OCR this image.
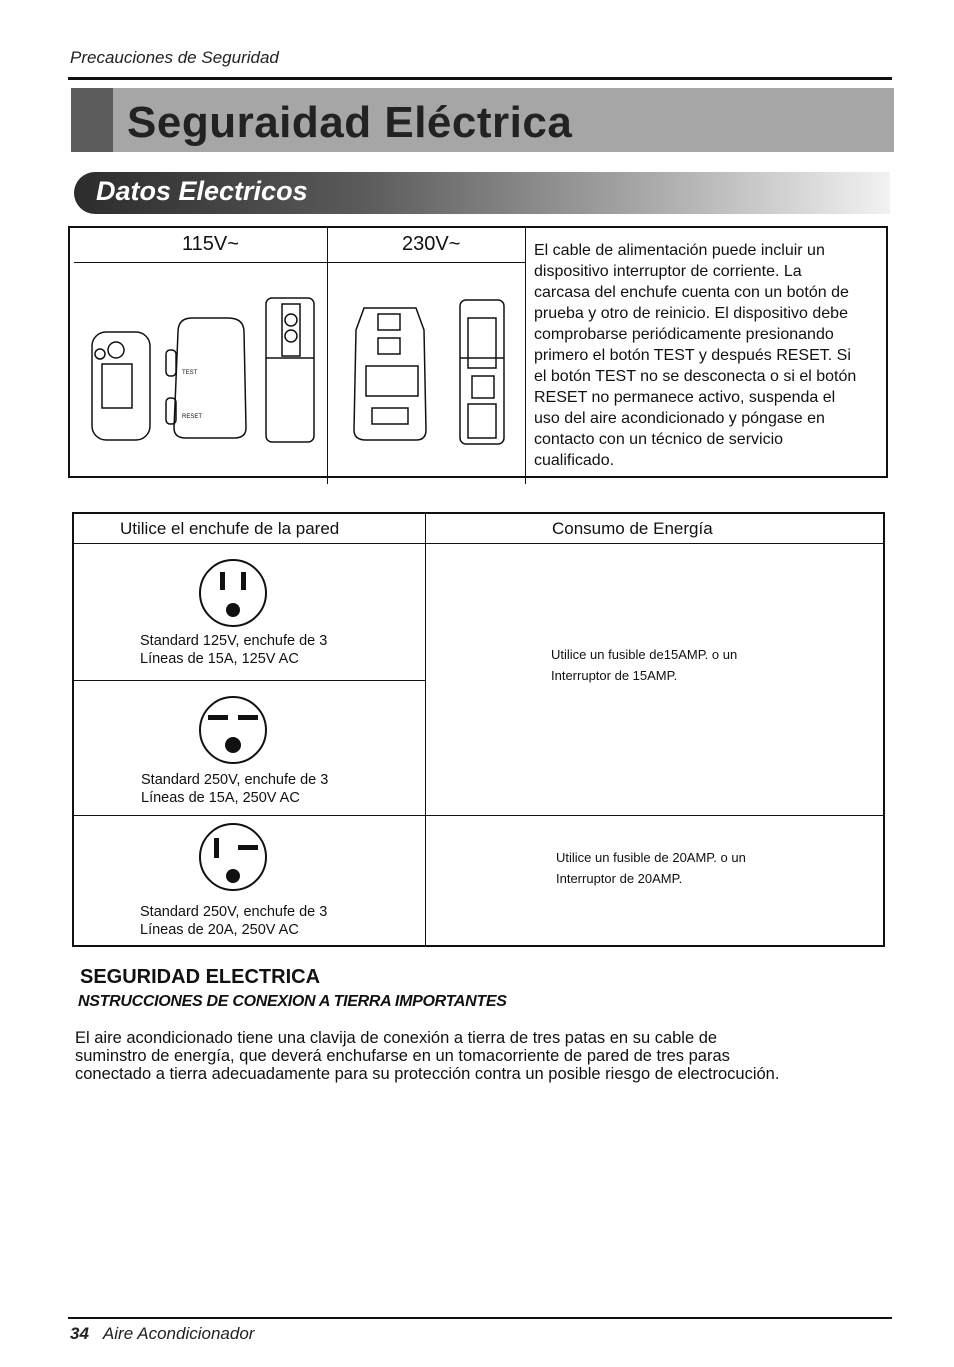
Precauciones de Seguridad
Seguraidad Eléctrica
Datos Electricos
115V~	230V~
TEST
RESET
El cable de alimentación puede incluir un
dispositivo interruptor de corriente. La
carcasa del enchufe cuenta con un botón de
prueba y otro de reinicio. El dispositivo debe
comprobarse periódicamente presionando
primero el botón TEST y después RESET. Si
el botón TEST no se desconecta o si el botón
RESET no permanece activo, suspenda el
uso del aire acondicionado y póngase en
contacto con un técnico de servicio
cualificado.
Utilice el enchufe de la pared	Consumo de Energía
Standard 125V, enchufe de 3
Líneas de 15A, 125V AC
Standard 250V, enchufe de 3
Líneas de 15A, 250V AC
Standard 250V, enchufe de 3
Líneas de 20A, 250V AC
Utilice un fusible de15AMP. o un
Interruptor de 15AMP.
Utilice un fusible de 20AMP. o un
Interruptor de 20AMP.
SEGURIDAD ELECTRICA
NSTRUCCIONES DE CONEXION A TIERRA IMPORTANTES
El aire acondicionado tiene una clavija de conexión a tierra de tres patas en su cable de
suminstro de energía, que deverá enchufarse en un tomacorriente de pared de tres paras
conectado a tierra adecuadamente para su protección contra un posible riesgo de electrocución.
34 Aire Acondicionador
